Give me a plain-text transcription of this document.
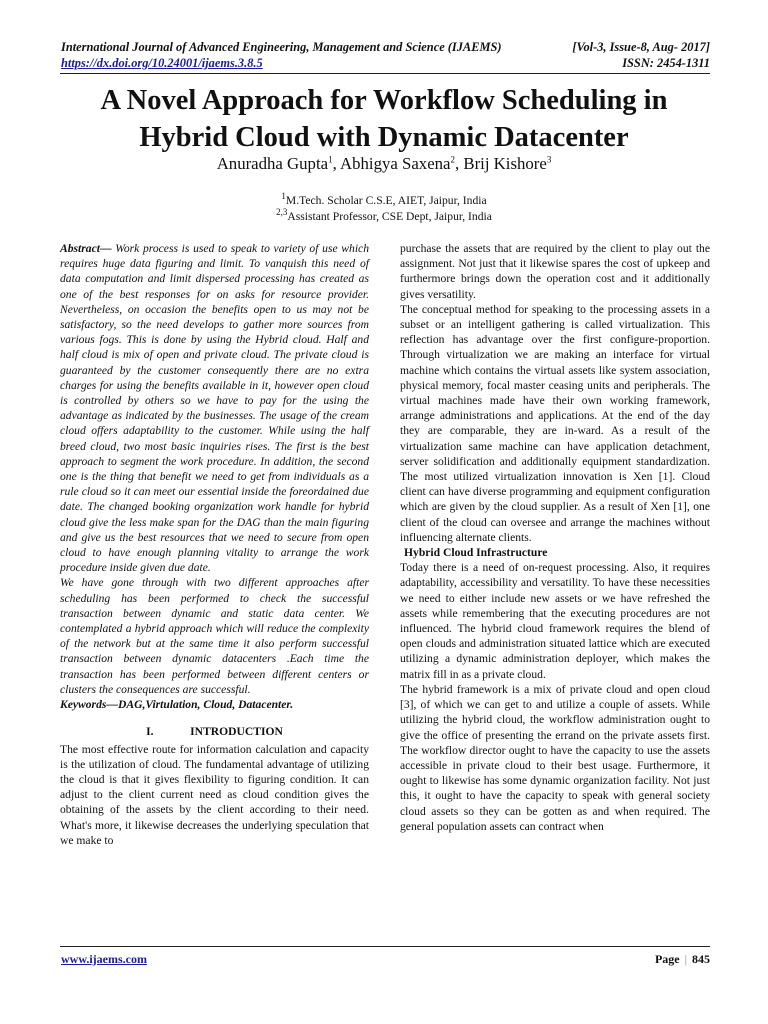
International Journal of Advanced Engineering, Management and Science (IJAEMS)	[Vol-3, Issue-8, Aug- 2017]
https://dx.doi.org/10.24001/ijaems.3.8.5	ISSN: 2454-1311
A Novel Approach for Workflow Scheduling in
Hybrid Cloud with Dynamic Datacenter
Anuradha Gupta$^1$, Abhigya Saxena$^2$, Brij Kishore$^3$
$^1$M.Tech. Scholar C.S.E, AIET, Jaipur, India
$^{2,3}$Assistant Professor, CSE Dept, Jaipur, India

Abstract— Work process is used to speak to variety of use which requires huge data figuring and limit. To vanquish this need of data computation and limit dispersed processing has created as one of the best responses for on asks for resource provider. Nevertheless, on occasion the benefits open to us may not be satisfactory, so the need develops to gather more sources from various fogs. This is done by using the Hybrid cloud. Half and half cloud is mix of open and private cloud. The private cloud is guaranteed by the customer consequently there are no extra charges for using the benefits available in it, however open cloud is controlled by others so we have to pay for the using the advantage as indicated by the businesses. The usage of the cream cloud offers adaptability to the customer. While using the half breed cloud, two most basic inquiries rises. The first is the best approach to segment the work procedure. In addition, the second one is the thing that benefit we need to get from individuals as a rule cloud so it can meet our essential inside the foreordained due date. The changed booking organization work handle for hybrid cloud give the less make span for the DAG than the main figuring and give us the best resources that we need to secure from open cloud to have enough planning vitality to arrange the work procedure inside given due date.

We have gone through with two different approaches after scheduling has been performed to check the successful transaction between dynamic and static data center. We contemplated a hybrid approach which will reduce the complexity of the network but at the same time it also perform successful transaction between dynamic datacenters .Each time the transaction has been performed between different centers or clusters the consequences are successful.

Keywords—DAG,Virtulation, Cloud, Datacenter.

I.	INTRODUCTION

The most effective route for information calculation and capacity is the utilization of cloud. The fundamental advantage of utilizing the cloud is that it gives flexibility to figuring condition. It can adjust to the client current need as cloud condition gives the obtaining of the assets by the client according to their need. What's more, it likewise decreases the underlying speculation that we make to

purchase the assets that are required by the client to play out the assignment. Not just that it likewise spares the cost of upkeep and furthermore brings down the operation cost and it additionally gives versatility.

The conceptual method for speaking to the processing assets in a subset or an intelligent gathering is called virtualization. This reflection has advantage over the first configure-proportion. Through virtualization we are making an interface for virtual machine which contains the virtual assets like system association, physical memory, focal master ceasing units and peripherals. The virtual machines made have their own working framework, arrange administrations and applications. At the end of the day they are comparable, they are in-ward. As a result of the virtualization same machine can have application detachment, server solidification and additionally equipment standardization. The most utilized virtualization innovation is Xen [1]. Cloud client can have diverse programming and equipment configuration which are given by the cloud supplier. As a result of Xen [1], one client of the cloud can oversee and arrange the machines without influencing alternate clients.

Hybrid Cloud Infrastructure

Today there is a need of on-request processing. Also, it requires adaptability, accessibility and versatility. To have these necessities we need to either include new assets or we have refreshed the assets while remembering that the executing procedures are not influenced. The hybrid cloud framework requires the blend of open clouds and administration situated lattice which are executed utilizing a dynamic administration deployer, which makes the matrix fill in as a private cloud.

The hybrid framework is a mix of private cloud and open cloud [3], of which we can get to and utilize a couple of assets. While utilizing the hybrid cloud, the workflow administration ought to give the office of presenting the errand on the private assets first. The workflow director ought to have the capacity to use the assets accessible in private cloud to their best usage. Furthermore, it ought to likewise has some dynamic organization facility. Not just this, it ought to have the capacity to speak with general society cloud assets so they can be gotten as and when required. The general population assets can contract when

www.ijaems.com	Page | 845
